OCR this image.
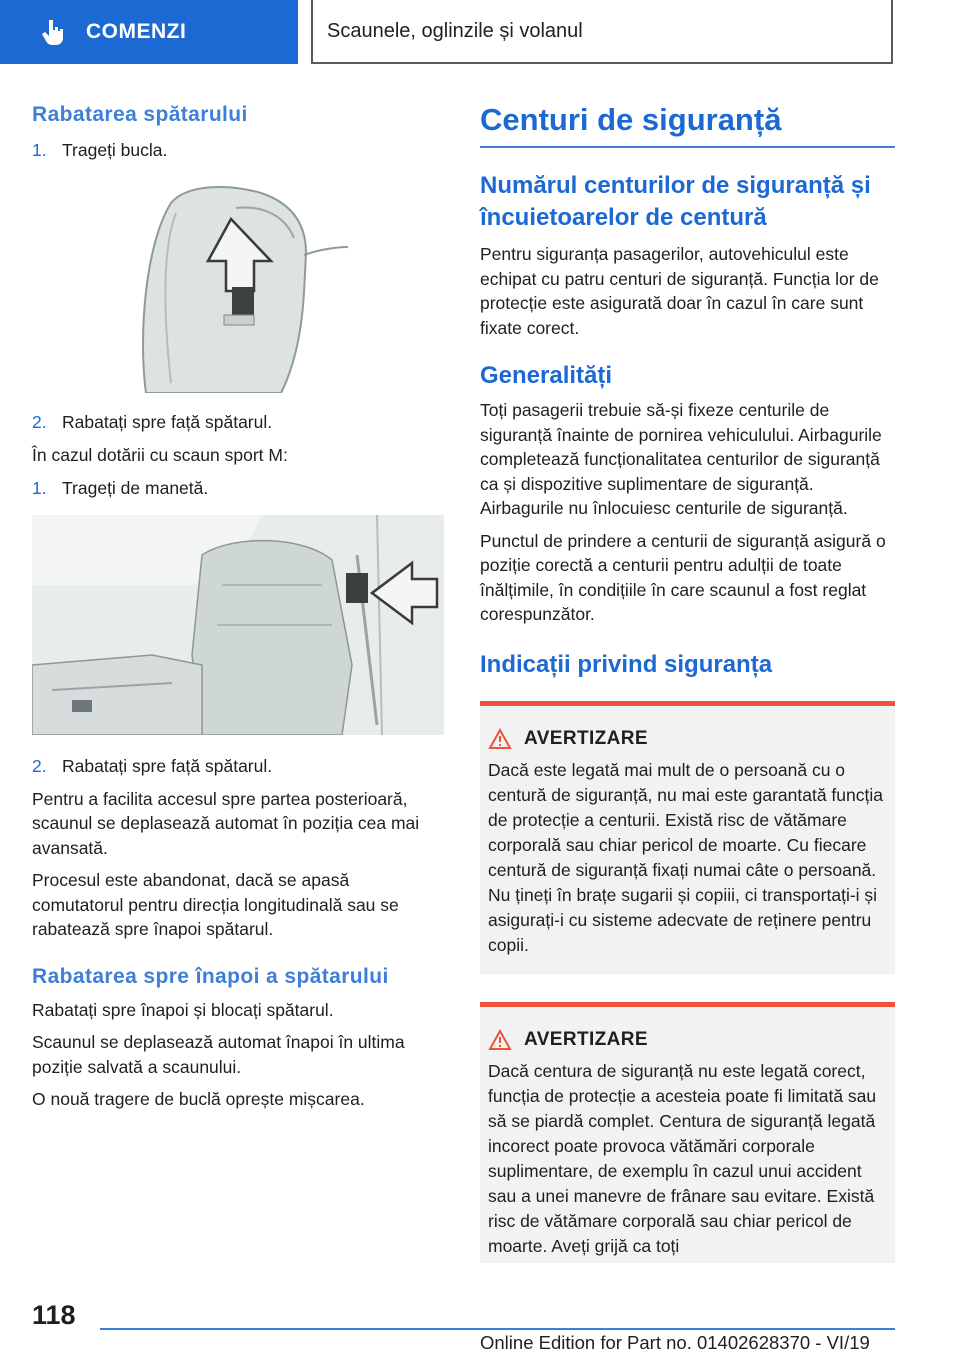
COMENZI	Scaunele, oglinzile și volanul
Rabatarea spătarului
1. Trageți bucla.
2. Rabatați spre față spătarul.

În cazul dotării cu scaun sport M:

1. Trageți de manetă.
2. Rabatați spre față spătarul.

Pentru a facilita accesul spre partea posterioară, scaunul se deplasează automat în poziția cea mai avansată.

Procesul este abandonat, dacă se apasă comutatorul pentru direcția longitudinală sau se rabatează spre înapoi spătarul.

Rabatarea spre înapoi a spătarului

Rabatați spre înapoi și blocați spătarul.

Scaunul se deplasează automat înapoi în ultima poziție salvată a scaunului.

O nouă tragere de buclă oprește mișcarea.

Centuri de siguranță
Numărul centurilor de siguranță și încuietoarelor de centură

Pentru siguranța pasagerilor, autovehiculul este echipat cu patru centuri de siguranță. Funcția lor de protecție este asigurată doar în cazul în care sunt fixate corect.

Generalități

Toți pasagerii trebuie să-și fixeze centurile de siguranță înainte de pornirea vehiculului. Airbagurile completează funcționalitatea centurilor de siguranță ca și dispozitive suplimentare de siguranță. Airbagurile nu înlocuiesc centurile de siguranță.

Punctul de prindere a centurii de siguranță asigură o poziție corectă a centurii pentru adulții de toate înălțimile, în condițiile în care scaunul a fost reglat corespunzător.

Indicații privind siguranța
AVERTIZARE

Dacă este legată mai mult de o persoană cu o centură de siguranță, nu mai este garantată funcția de protecție a centurii. Există risc de vătămare corporală sau chiar pericol de moarte. Cu fiecare centură de siguranță fixați numai câte o persoană. Nu țineți în brațe sugarii și copiii, ci transportați-i și asigurați-i cu sisteme adecvate de reținere pentru copii.

AVERTIZARE

Dacă centura de siguranță nu este legată corect, funcția de protecție a acesteia poate fi limitată sau să se piardă complet. Centura de siguranță legată incorect poate provoca vătămări corporale suplimentare, de exemplu în cazul unui accident sau a unei manevre de frânare sau evitare. Există risc de vătămare corporală sau chiar pericol de moarte. Aveți grijă ca toți

118
Online Edition for Part no. 01402628370 - VI/19
